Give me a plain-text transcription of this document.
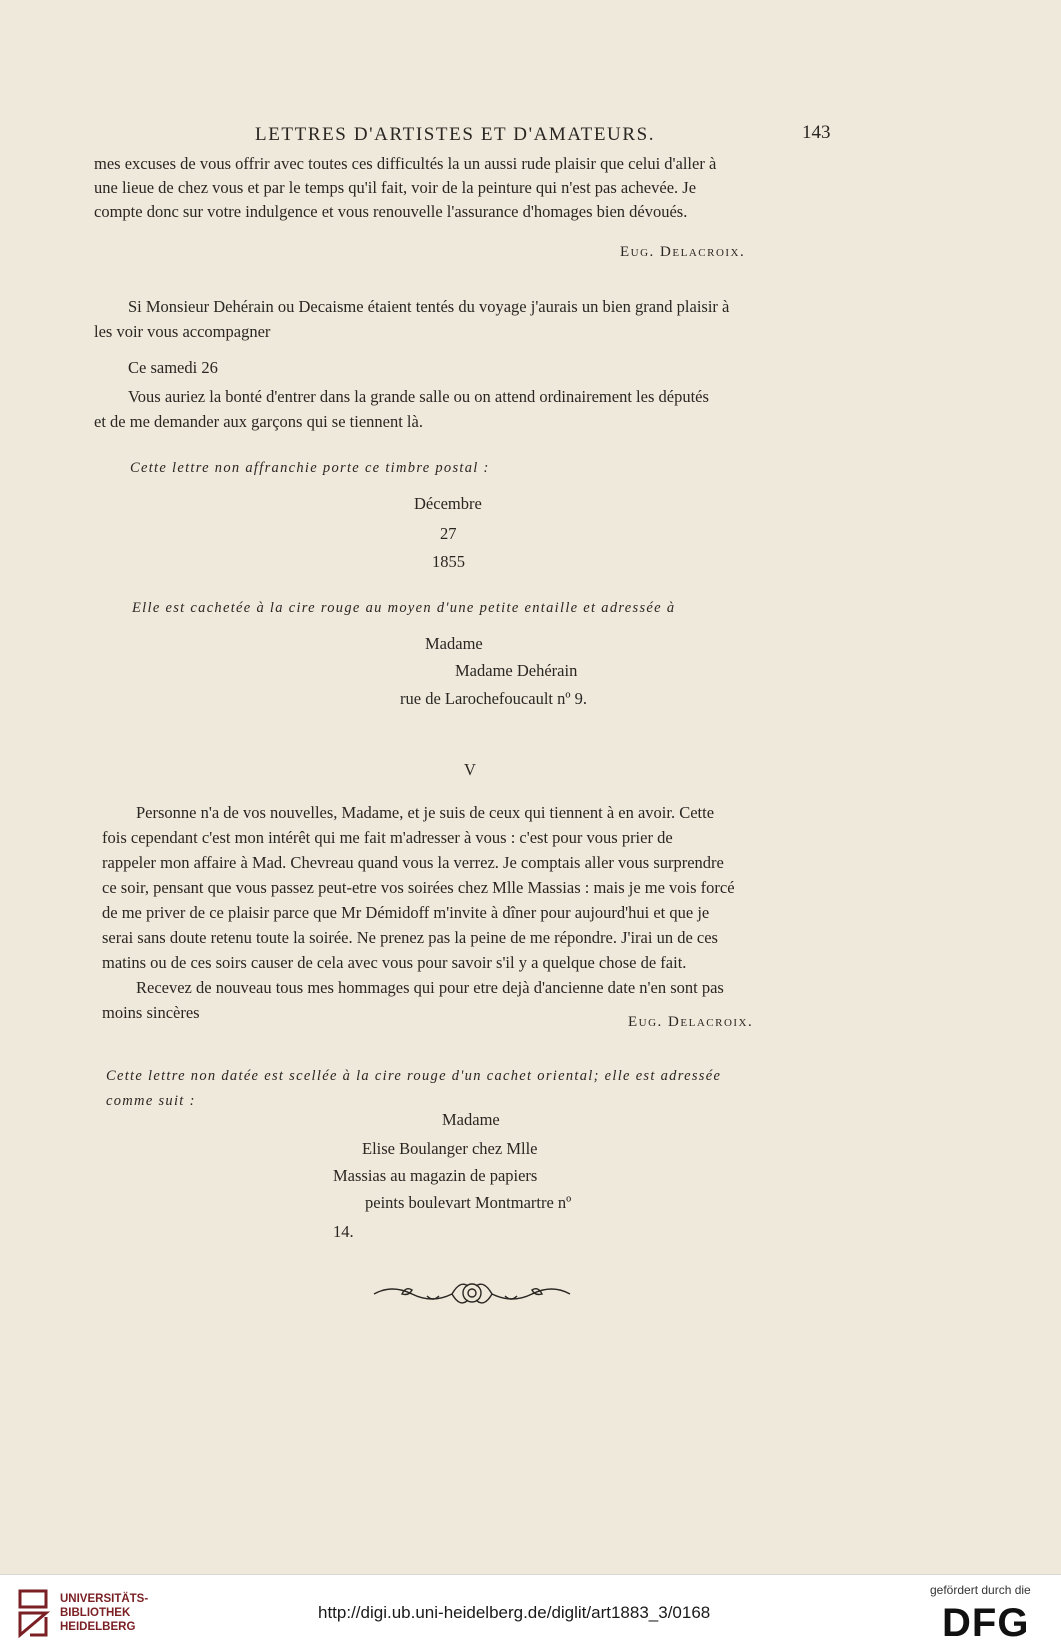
LETTRES D'ARTISTES ET D'AMATEURS.	143

mes excuses de vous offrir avec toutes ces difficultés la un aussi rude plaisir que celui d'aller à

une lieue de chez vous et par le temps qu'il fait, voir de la peinture qui n'est pas achevée. Je

compte donc sur votre indulgence et vous renouvelle l'assurance d'homages bien dévoués.

Eug. Delacroix.

Si Monsieur Dehérain ou Decaisme étaient tentés du voyage j'aurais un bien grand plaisir à

les voir vous accompagner

Ce samedi 26

Vous auriez la bonté d'entrer dans la grande salle ou on attend ordinairement les députés

et de me demander aux garçons qui se tiennent là.

Cette lettre non affranchie porte ce timbre postal :
Décembre
27
1855
Elle est cachetée à la cire rouge au moyen d'une petite entaille et adressée à
Madame
Madame Dehérain
rue de Larochefoucault nº 9.
V

Personne n'a de vos nouvelles, Madame, et je suis de ceux qui tiennent à en avoir. Cette

fois cependant c'est mon intérêt qui me fait m'adresser à vous : c'est pour vous prier de

rappeler mon affaire à Mad. Chevreau quand vous la verrez. Je comptais aller vous surprendre

ce soir, pensant que vous passez peut-etre vos soirées chez Mlle Massias : mais je me vois forcé

de me priver de ce plaisir parce que Mr Démidoff m'invite à dîner pour aujourd'hui et que je

serai sans doute retenu toute la soirée. Ne prenez pas la peine de me répondre. J'irai un de ces

matins ou de ces soirs causer de cela avec vous pour savoir s'il y a quelque chose de fait.

Recevez de nouveau tous mes hommages qui pour etre dejà d'ancienne date n'en sont pas

moins sincères	Eug. Delacroix.
Cette lettre non datée est scellée à la cire rouge d'un cachet oriental; elle est adressée
comme suit :
Madame
Elise Boulanger chez Mlle
Massias au magazin de papiers
peints boulevart Montmartre nº
14.
UNIVERSITÄTS-
BIBLIOTHEK
HEIDELBERG
http://digi.ub.uni-heidelberg.de/diglit/art1883_3/0168
gefördert durch die
DFG
